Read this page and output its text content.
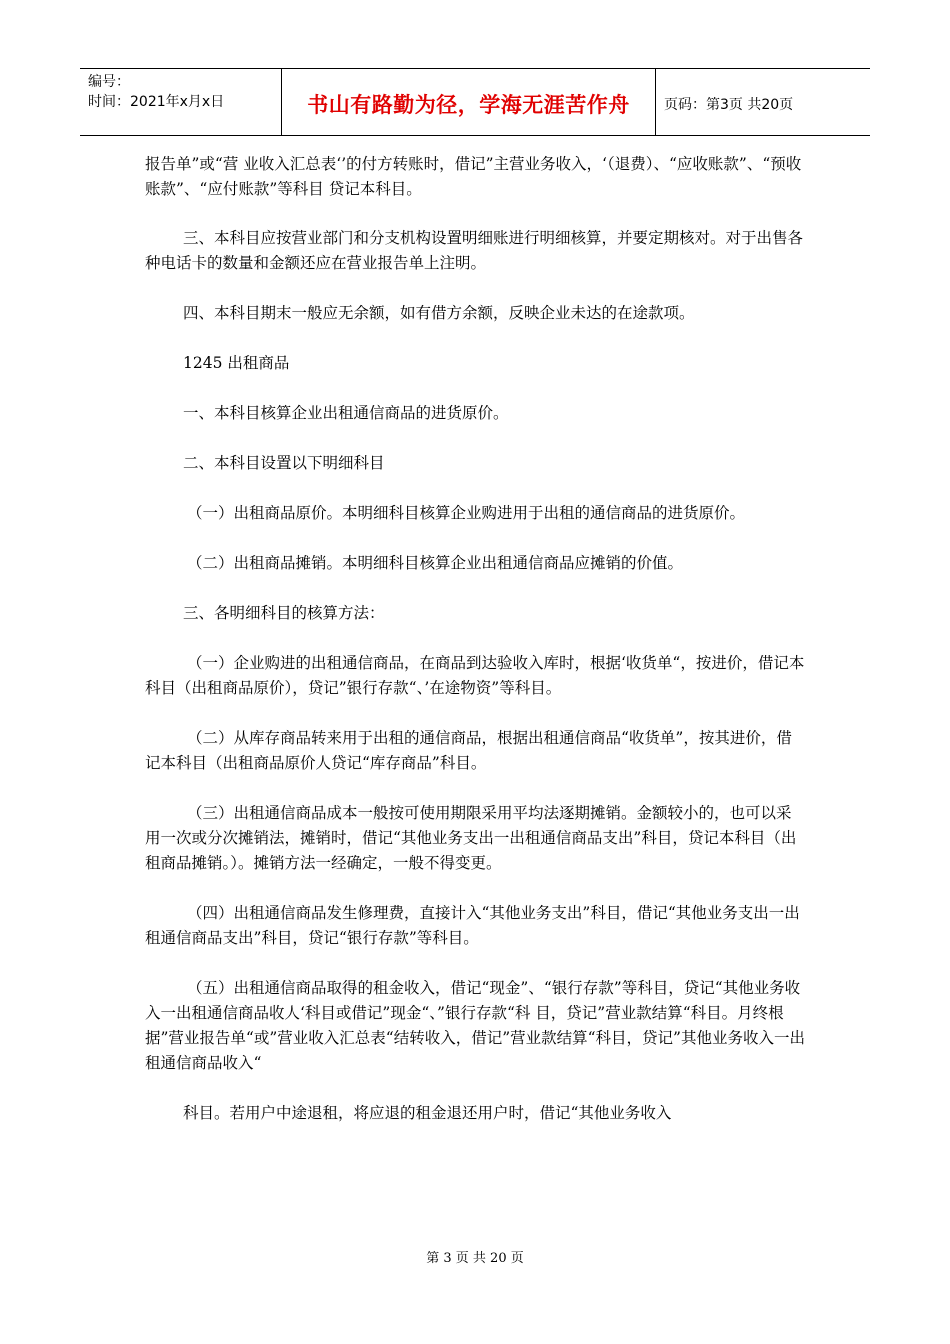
编号：
时间：2021年x月x日	书山有路勤为径，学海无涯苦作舟 页码：第3页 共20页

报告单”或“营 业收入汇总表‘’的付方转账时，借记”主营业务收入，‘（退费）、“应收账款”、“预收账款”、“应付账款”等科目 贷记本科目。

三、本科目应按营业部门和分支机构设置明细账进行明细核算，并要定期核对。对于出售各种电话卡的数量和金额还应在营业报告单上注明。

四、本科目期末一般应无余额，如有借方余额，反映企业未达的在途款项。

1245 出租商品

一、本科目核算企业出租通信商品的进货原价。

二、本科目设置以下明细科目

（一）出租商品原价。本明细科目核算企业购进用于出租的通信商品的进货原价。

（二）出租商品摊销。本明细科目核算企业出租通信商品应摊销的价值。

三、各明细科目的核算方法：

（一）企业购进的出租通信商品，在商品到达验收入库时，根据‘收货单“，按进价，借记本科目（出租商品原价），贷记”银行存款“、’在途物资”等科目。

（二）从库存商品转来用于出租的通信商品，根据出租通信商品“收货单”，按其进价，借记本科目（出租商品原价人贷记“库存商品”科目。

（三）出租通信商品成本一般按可使用期限采用平均法逐期摊销。金额较小的，也可以采用一次或分次摊销法，摊销时，借记“其他业务支出一出租通信商品支出”科目，贷记本科目（出租商品摊销。）。摊销方法一经确定，一般不得变更。

（四）出租通信商品发生修理费，直接计入“其他业务支出”科目，借记“其他业务支出一出租通信商品支出”科目，贷记“银行存款”等科目。

（五）出租通信商品取得的租金收入，借记“现金”、“银行存款”等科目，贷记“其他业务收入一出租通信商品收人‘科目或借记”现金“、”银行存款“科 目，贷记”营业款结算“科目。月终根据”营业报告单“或”营业收入汇总表“结转收入，借记”营业款结算“科目，贷记”其他业务收入一出租通信商品收入“

科目。若用户中途退租，将应退的租金退还用户时，借记“其他业务收入

第 3 页 共 20 页
